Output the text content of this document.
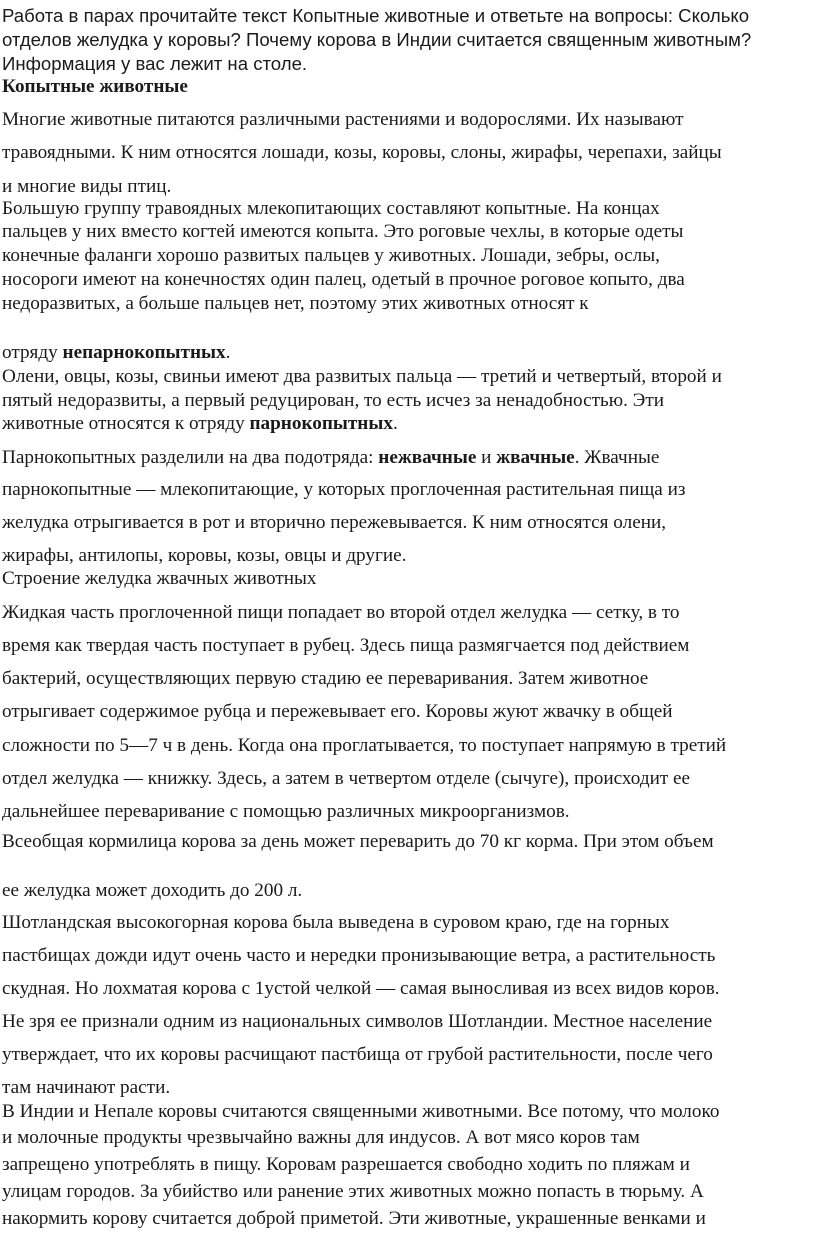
Работа в парах прочитайте текст Копытные животные и ответьте на вопросы: Сколько
отделов желудка у коровы? Почему корова в Индии считается священным животным?
Информация у вас лежит на столе.
Копытные животные
Многие животные питаются различными растениями и водорослями. Их называют
травоядными. К ним относятся лошади, козы, коровы, слоны, жирафы, черепахи, зайцы
и многие виды птиц.
Большую группу травоядных млекопитающих составляют копытные. На концах
пальцев у них вместо когтей имеются копыта. Это роговые чехлы, в которые одеты
конечные фаланги хорошо развитых пальцев у животных. Лошади, зебры, ослы,
носороги имеют на конечностях один палец, одетый в прочное роговое копыто, два
недоразвитых, а больше пальцев нет, поэтому этих животных относят к
отряду непарнокопытных.
Олени, овцы, козы, свиньи имеют два развитых пальца — третий и четвертый, второй и
пятый недоразвиты, а первый редуцирован, то есть исчез за ненадобностью. Эти
животные относятся к отряду парнокопытных.
Парнокопытных разделили на два подотряда: нежвачные и жвачные. Жвачные
парнокопытные — млекопитающие, у которых проглоченная растительная пища из
желудка отрыгивается в рот и вторично пережевывается. К ним относятся олени,
жирафы, антилопы, коровы, козы, овцы и другие.
Строение желудка жвачных животных
Жидкая часть проглоченной пищи попадает во второй отдел желудка — сетку, в то
время как твердая часть поступает в рубец. Здесь пища размягчается под действием
бактерий, осуществляющих первую стадию ее переваривания. Затем животное
отрыгивает содержимое рубца и пережевывает его. Коровы жуют жвачку в общей
сложности по 5—7 ч в день. Когда она проглатывается, то поступает напрямую в третий
отдел желудка — книжку. Здесь, а затем в четвертом отделе (сычуге), происходит ее
дальнейшее переваривание с помощью различных микроорганизмов.
Всеобщая кормилица корова за день может переварить до 70 кг корма. При этом объем
ее желудка может доходить до 200 л.
Шотландская высокогорная корова была выведена в суровом краю, где на горных
пастбищах дожди идут очень часто и нередки пронизывающие ветра, а растительность
скудная. Но лохматая корова с 1устой челкой — самая выносливая из всех видов коров.
Не зря ее признали одним из национальных символов Шотландии. Местное население
утверждает, что их коровы расчищают пастбища от грубой растительности, после чего
там начинают расти.
В Индии и Непале коровы считаются священными животными. Все потому, что молоко
и молочные продукты чрезвычайно важны для индусов. А вот мясо коров там
запрещено употреблять в пищу. Коровам разрешается свободно ходить по пляжам и
улицам городов. За убийство или ранение этих животных можно попасть в тюрьму. А
накормить корову считается доброй приметой. Эти животные, украшенные венками и
